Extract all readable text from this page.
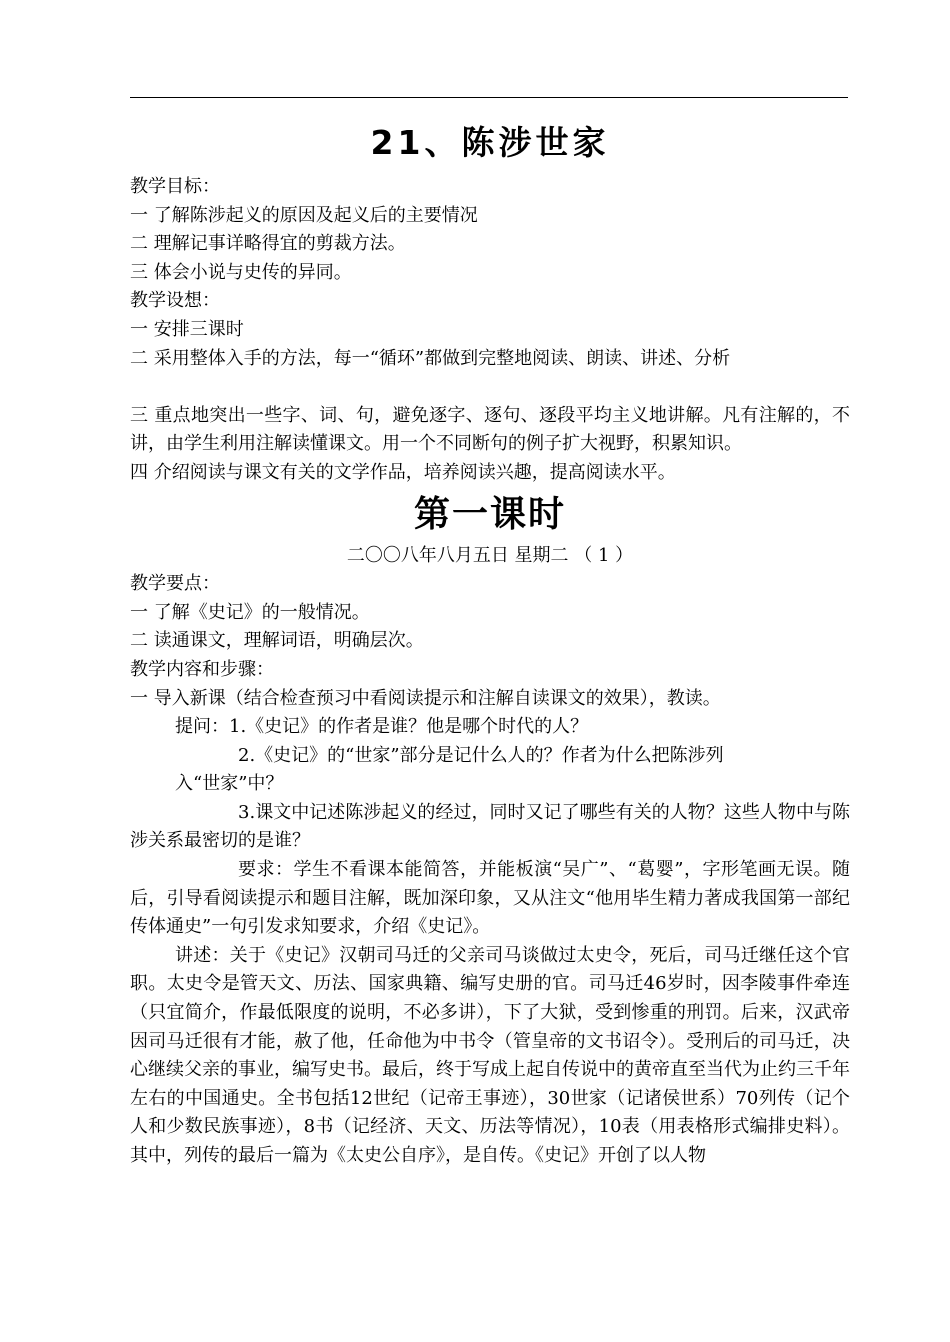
21、陈涉世家
教学目标：
一 了解陈涉起义的原因及起义后的主要情况
二 理解记事详略得宜的剪裁方法。
三 体会小说与史传的异同。
教学设想：
一 安排三课时
二 采用整体入手的方法，每一“循环”都做到完整地阅读、朗读、讲述、分析
三 重点地突出一些字、词、句，避免逐字、逐句、逐段平均主义地讲解。凡有注解的，不讲，由学生利用注解读懂课文。用一个不同断句的例子扩大视野，积累知识。
四 介绍阅读与课文有关的文学作品，培养阅读兴趣，提高阅读水平。
第一课时
二〇〇八年八月五日 星期二 （ 1 ）
教学要点：
一 了解《史记》的一般情况。
二 读通课文，理解词语，明确层次。
教学内容和步骤：
一 导入新课（结合检查预习中看阅读提示和注解自读课文的效果），教读。
提问：1.《史记》的作者是谁？他是哪个时代的人？
2.《史记》的“世家”部分是记什么人的？作者为什么把陈涉列
入“世家”中？
3.课文中记述陈涉起义的经过，同时又记了哪些有关的人物？这些人物中与陈涉关系最密切的是谁？
要求：学生不看课本能简答，并能板演“吴广”、“葛婴”，字形笔画无误。随后，引导看阅读提示和题目注解，既加深印象，又从注文“他用毕生精力著成我国第一部纪传体通史”一句引发求知要求，介绍《史记》。
讲述：关于《史记》汉朝司马迁的父亲司马谈做过太史令，死后，司马迁继任这个官职。太史令是管天文、历法、国家典籍、编写史册的官。司马迁46岁时，因李陵事件牵连（只宜简介，作最低限度的说明，不必多讲），下了大狱，受到惨重的刑罚。后来，汉武帝因司马迁很有才能，赦了他，任命他为中书令（管皇帝的文书诏令）。受刑后的司马迁，决心继续父亲的事业，编写史书。最后，终于写成上起自传说中的黄帝直至当代为止约三千年左右的中国通史。全书包括12世纪（记帝王事迹），30世家（记诸侯世系）70列传（记个人和少数民族事迹），8书（记经济、天文、历法等情况），10表（用表格形式编排史料）。其中，列传的最后一篇为《太史公自序》，是自传。《史记》开创了以人物
